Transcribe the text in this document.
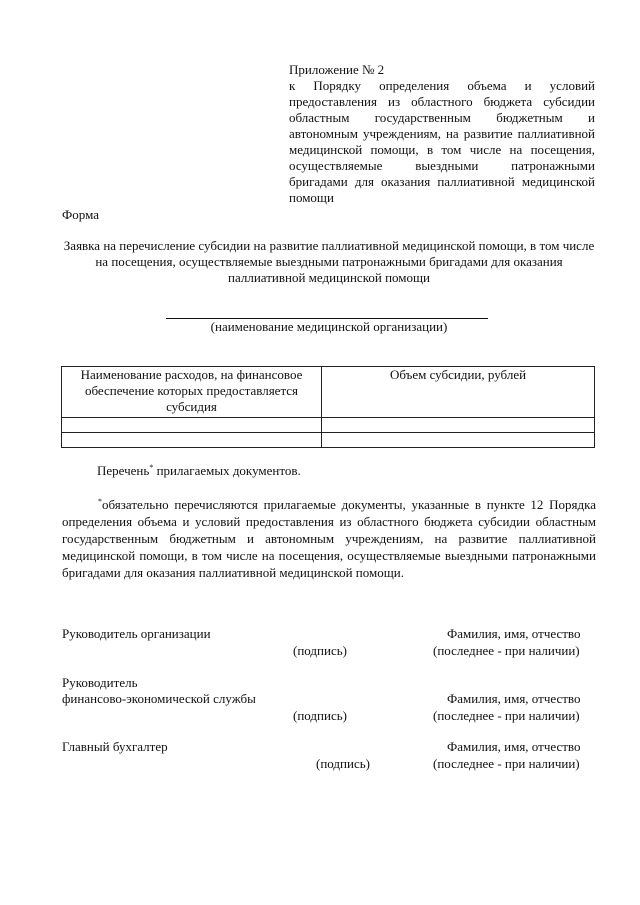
Приложение № 2

к Порядку определения объема и условий предоставления из областного бюджета субсидии областным государственным бюджетным и автономным учреждениям, на развитие паллиативной медицинской помощи, в том числе на посещения, осуществляемые выездными патронажными бригадами для оказания паллиативной медицинской помощи

Форма
Заявка на перечисление субсидии на развитие паллиативной медицинской помощи, в том числе на посещения, осуществляемые выездными патронажными бригадами для оказания паллиативной медицинской помощи
(наименование медицинской организации)
Наименование расходов, на финансовое обеспечение которых предоставляется субсидия	Объем субсидии, рублей

Перечень* прилагаемых документов.
*обязательно перечисляются прилагаемые документы, указанные в пункте 12 Порядка определения объема и условий предоставления из областного бюджета субсидии областным государственным бюджетным и автономным учреждениям, на развитие паллиативной медицинской помощи, в том числе на посещения, осуществляемые выездными патронажными бригадами для оказания паллиативной медицинской помощи.
Руководитель организации
(подпись)
Фамилия, имя, отчество
(последнее - при наличии)
Руководитель
финансово-экономической службы
(подпись)
Фамилия, имя, отчество
(последнее - при наличии)
Главный бухгалтер
(подпись)
Фамилия, имя, отчество
(последнее - при наличии)
